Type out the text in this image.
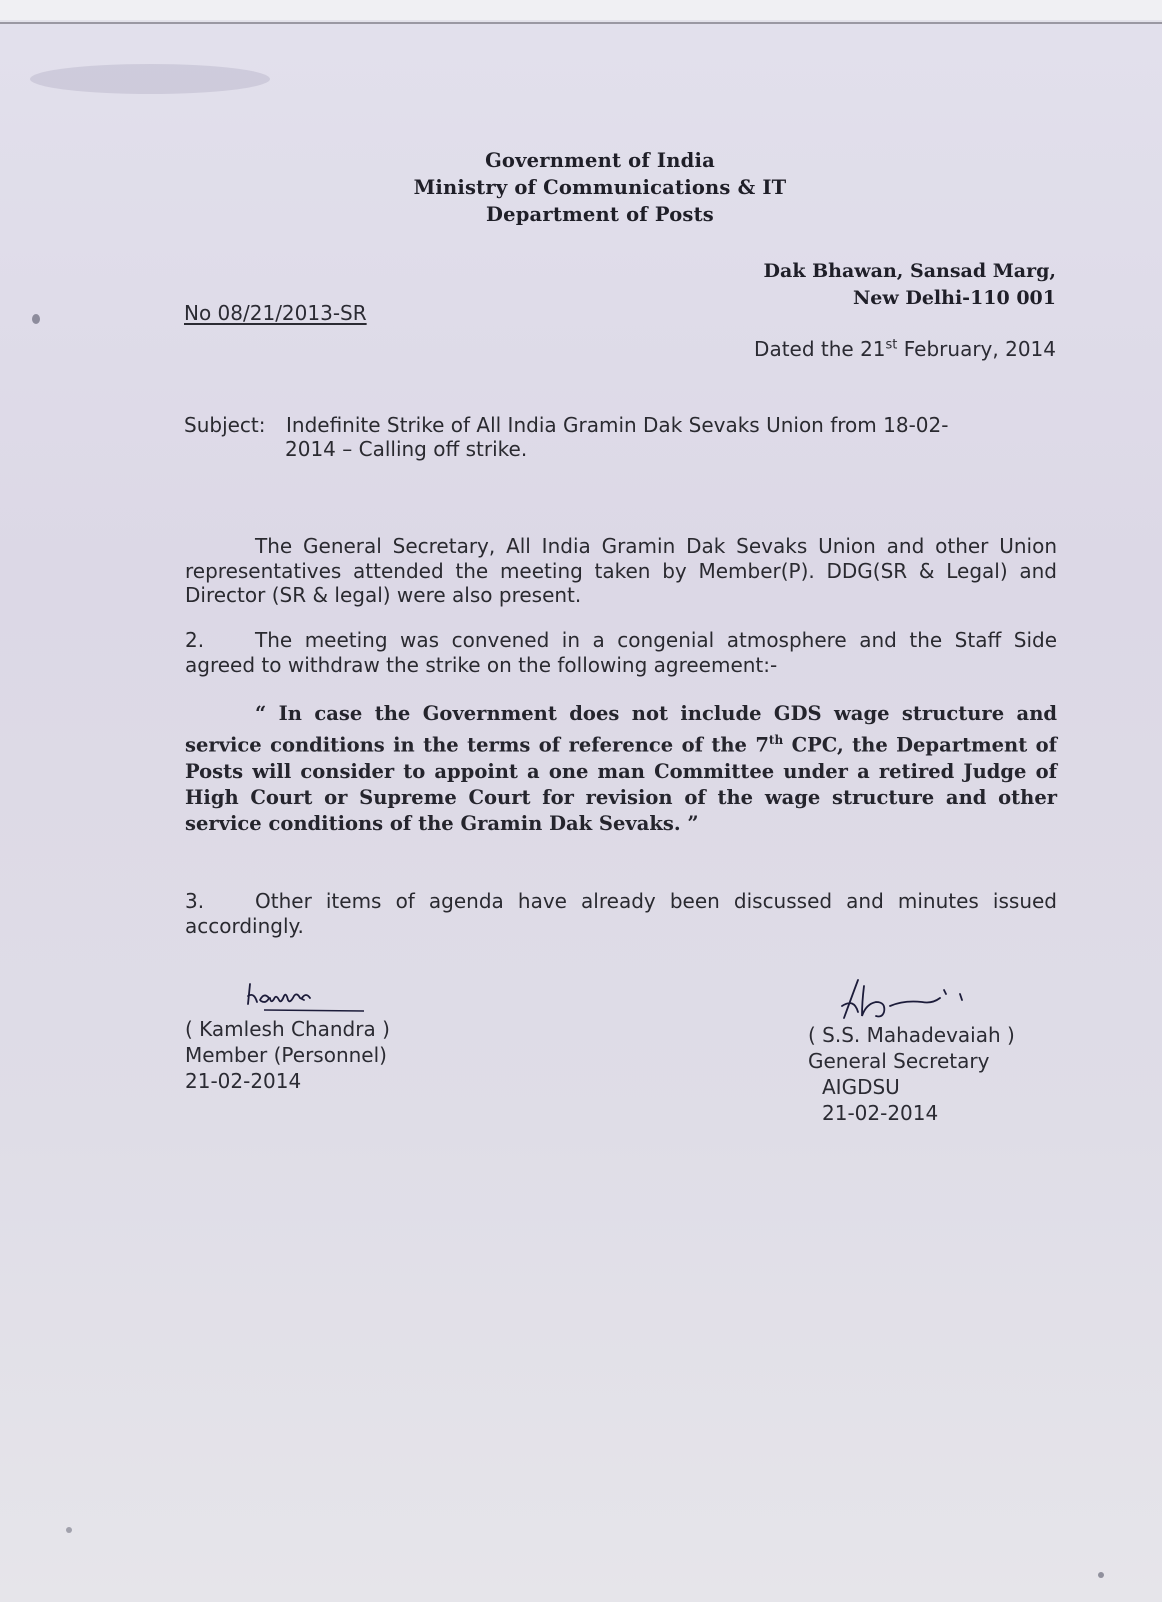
Government of India
Ministry of Communications & IT
Department of Posts
Dak Bhawan, Sansad Marg,
New Delhi-110 001
No 08/21/2013-SR
Dated the 21st February, 2014
Subject: Indefinite Strike of All India Gramin Dak Sevaks Union from 18-02-
2014 – Calling off strike.
The General Secretary, All India Gramin Dak Sevaks Union and other Union representatives attended the meeting taken by Member(P). DDG(SR & Legal) and Director (SR & legal) were also present.
2.	The meeting was convened in a congenial atmosphere and the Staff Side agreed to withdraw the strike on the following agreement:-
“ In case the Government does not include GDS wage structure and service conditions in the terms of reference of the 7th CPC, the Department of Posts will consider to appoint a one man Committee under a retired Judge of High Court or Supreme Court for revision of the wage structure and other service conditions of the Gramin Dak Sevaks. ”
3.	Other items of agenda have already been discussed and minutes issued accordingly.
( Kamlesh Chandra )
Member (Personnel)
21-02-2014
( S.S. Mahadevaiah )
General Secretary
AIGDSU
21-02-2014
